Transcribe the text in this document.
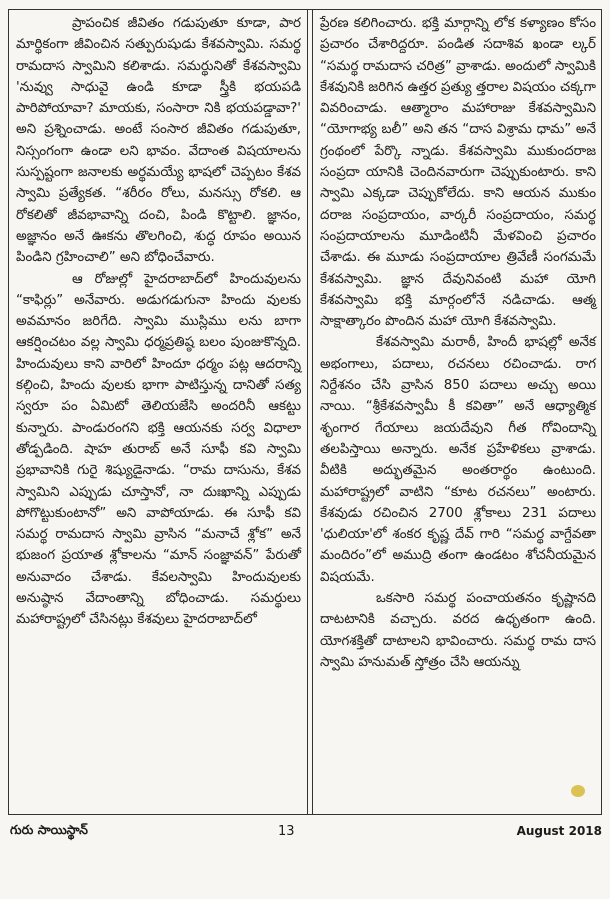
ప్రాపంచిక జీవితం గడుపుతూ కూడా, పార మార్థికంగా జీవించిన సత్పురుషుడు కేశవస్వామి. సమర్థ రామదాస స్వామిని కలిశాడు. సమర్థునితో కేశవస్వామి 'నువ్వు సాధువై ఉండి కూడా స్త్రీకి భయపడి పారిపోయావా? మాయకు, సంసారా నికి భయపడ్డావా?' అని ప్రశ్నించాడు. అంటే సంసార జీవితం గడుపుతూ, నిస్సంగంగా ఉండా లని భావం. వేదాంత విషయాలను సుస్పష్టంగా జనాలకు అర్థమయ్యే భాషలో చెప్పటం కేశవ స్వామి ప్రత్యేకత. “శరీరం రోలు, మనస్సు రోకలి. ఆ రోకలితో జీవభావాన్ని దంచి, పిండి కొట్టాలి. జ్ఞానం, అజ్ఞానం అనే ఊకను తొలగించి, శుద్ధ రూపం అయిన పిండిని గ్రహించాలి” అని బోధించేవారు.

ఆ రోజుల్లో హైదరాబాద్‌లో హిందువులను “కాఫిర్లు” అనేవారు. అడుగడుగునా హిందు వులకు అవమానం జరిగేది. స్వామి ముస్లిము లను బాగా ఆకర్షించటం వల్ల స్వామి ధర్మప్రతిష్ఠ బలం పుంజుకొన్నది. హిందువులు కాని వారిలో హిందూ ధర్మం పట్ల ఆదరాన్ని కల్గించి, హిందు వులకు భాగా పాటిస్తున్న దానితో సత్య స్వరూ పం ఏమిటో తెలియజేసి అందరినీ ఆకట్టు కున్నారు. పాండురంగని భక్తి ఆయనకు సర్వ విధాలా తోడ్పడింది. షాహ తురాబ్ అనే సూఫీ కవి స్వామి ప్రభావానికి గురై శిష్యుడైనాడు. “రామ దాసును, కేశవ స్వామిని ఎప్పుడు చూస్తానో, నా దుఃఖాన్ని ఎప్పుడు పోగొట్టుకుంటానో” అని వాపోయాడు. ఈ సూఫీ కవి సమర్థ రామదాస స్వామి వ్రాసిన “మనాచే శ్లోక” అనే భుజంగ ప్రయాత శ్లోకాలను “మాన్ సంజ్ఞావన్” పేరుతో అనువాదం చేశాడు. కేవలస్వామి హిందువులకు అనుష్ఠాన వేదాంతాన్ని బోధించాడు. సమర్థులు మహారాష్ట్రలో చేసినట్లు కేశవులు హైదరాబాద్‌లో

ప్రేరణ కలిగించారు. భక్తి మార్గాన్ని లోక కళ్యాణం కోసం ప్రచారం చేశారిద్దరూ. పండిత సదాశివ ఖండా ల్కర్ “సమర్థ రామదాస చరిత్ర” వ్రాశాడు. అందులో స్వామికి కేశవునికి జరిగిన ఉత్తర ప్రత్యు త్తరాల విషయం చక్కగా వివరించాడు. ఆత్మారాం మహారాజు కేశవస్వామిని “యోగాభ్య బలీ” అని తన “దాస విశ్రామ ధామ” అనే గ్రంథంలో పేర్కొ న్నాడు. కేశవస్వామి ముకుందరాజ సంప్రదా యానికి చెందినవారుగా చెప్పుకుంటారు. కాని స్వామి ఎక్కడా చెప్పుకోలేదు. కాని ఆయన ముకుం దరాజ సంప్రదాయం, వార్కరీ సంప్రదాయం, సమర్థ సంప్రదాయాలను మూడింటినీ మేళవించి ప్రచారం చేశాడు. ఈ మూడు సంప్రదాయాల త్రివేణీ సంగమమే కేశవస్వామి. జ్ఞాన దేవునివంటి మహా యోగి కేశవస్వామి భక్తి మార్గంలోనే నడిచాడు. ఆత్మ సాక్షాత్కారం పొందిన మహా యోగి కేశవస్వామి.

కేశవస్వామి మరాఠీ, హిందీ భాషల్లో అనేక అభంగాలు, పదాలు, రచనలు రచించాడు. రాగ నిర్దేశనం చేసి వ్రాసిన 850 పదాలు అచ్చు అయి నాయి. “శ్రీకేశవస్వామీ కీ కవితా” అనే ఆధ్యాత్మిక శృంగార గేయాలు జయదేవుని గీత గోవిందాన్ని తలపిస్తాయి అన్నారు. అనేక ప్రహేళికలు వ్రాశాడు. వీటికి అద్భుతమైన అంతరార్థం ఉంటుంది. మహారాష్ట్రలో వాటిని “కూట రచనలు” అంటారు. కేశవుడు రచించిన 2700 శ్లోకాలు 231 పదాలు 'ధులియా'లో శంకర కృష్ణ దేవ్ గారి “సమర్థ వాగ్దేవతా మందిరం”లో అముద్రి తంగా ఉండటం శోచనీయమైన విషయమే.

ఒకసారి సమర్థ పంచాయతనం కృష్ణానది దాటటానికి వచ్చారు. వరద ఉధృతంగా ఉంది. యోగశక్తితో దాటాలని భావించారు. సమర్థ రామ దాస స్వామి హనుమత్ స్తోత్రం చేసి ఆయన్ను

గురు సాయిస్థాన్	13	August 2018
